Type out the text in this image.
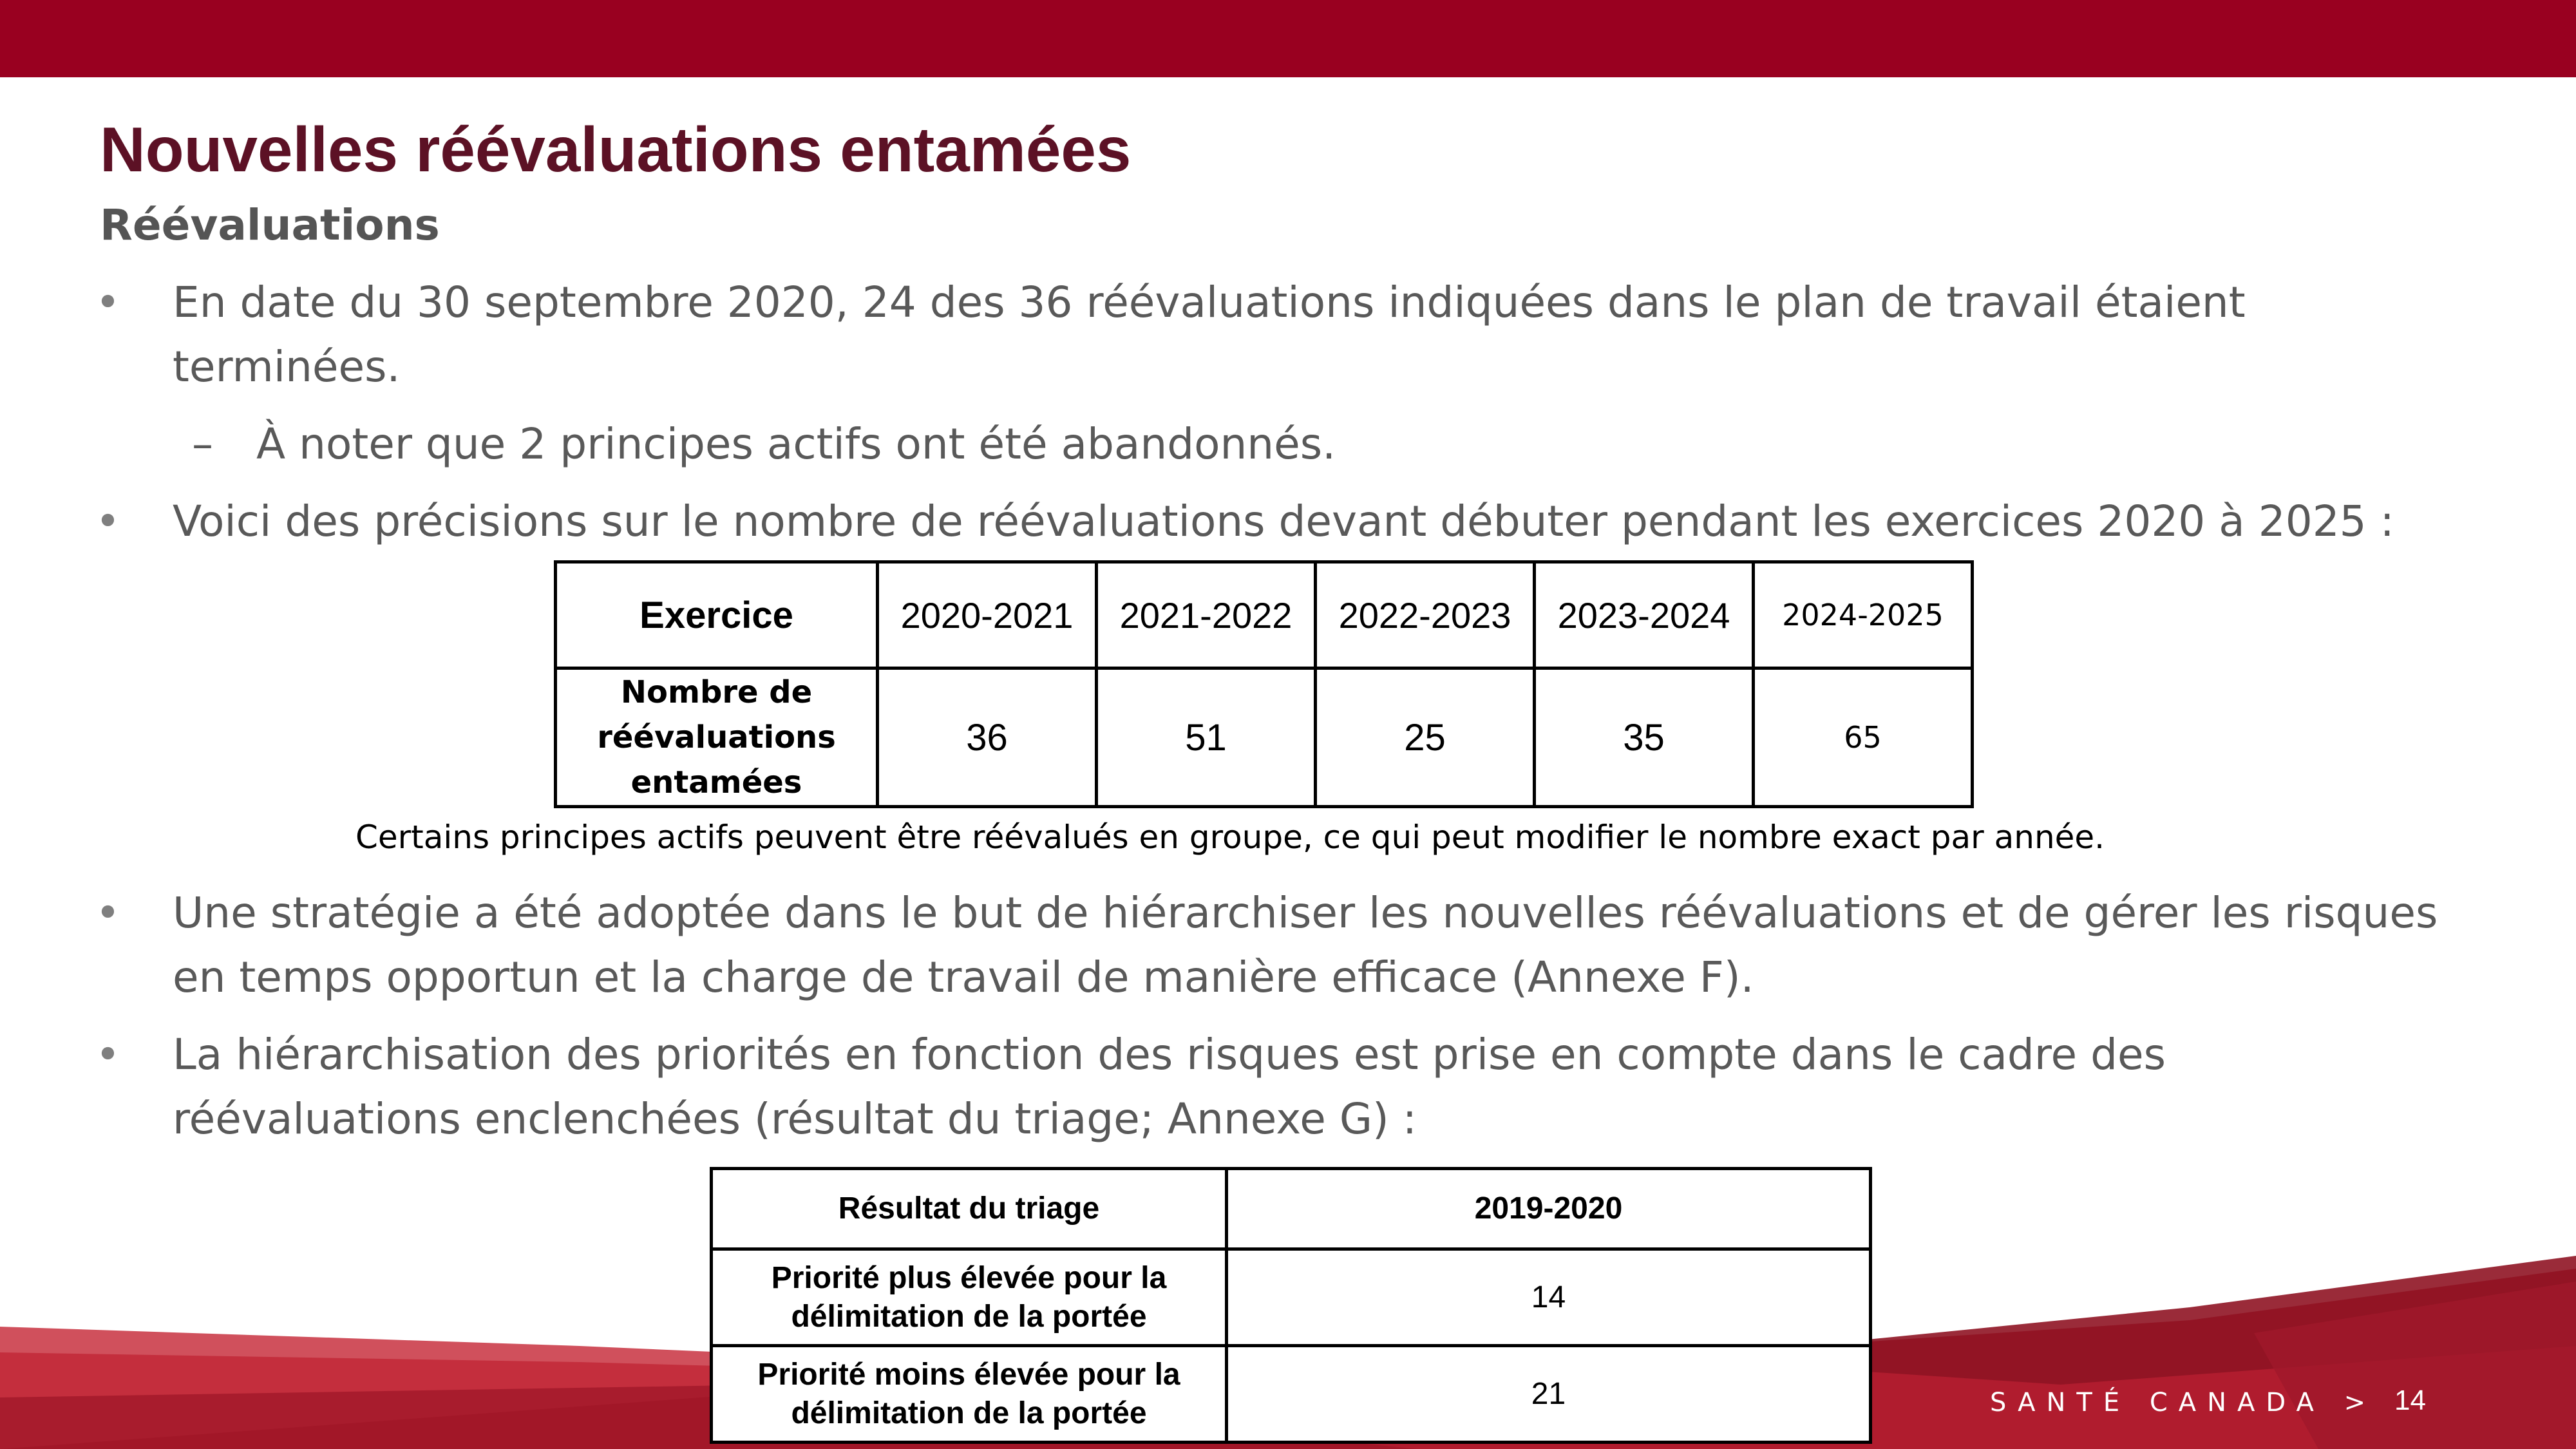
Nouvelles réévaluations entamées
Réévaluations
• En date du 30 septembre 2020, 24 des 36 réévaluations indiquées dans le plan de travail étaient terminées.
– À noter que 2 principes actifs ont été abandonnés.
• Voici des précisions sur le nombre de réévaluations devant débuter pendant les exercices 2020 à 2025 :
Exercice	2020-2021	2021-2022	2022-2023	2023-2024	2024-2025
Nombre de réévaluations entamées	36	51	25	35	65
Certains principes actifs peuvent être réévalués en groupe, ce qui peut modifier le nombre exact par année.
• Une stratégie a été adoptée dans le but de hiérarchiser les nouvelles réévaluations et de gérer les risques en temps opportun et la charge de travail de manière efficace (Annexe F).
• La hiérarchisation des priorités en fonction des risques est prise en compte dans le cadre des réévaluations enclenchées (résultat du triage; Annexe G) :
SANTÉ CANADA > 14
Résultat du triage	2019-2020
Priorité plus élevée pour la délimitation de la portée	14
Priorité moins élevée pour la délimitation de la portée	21
